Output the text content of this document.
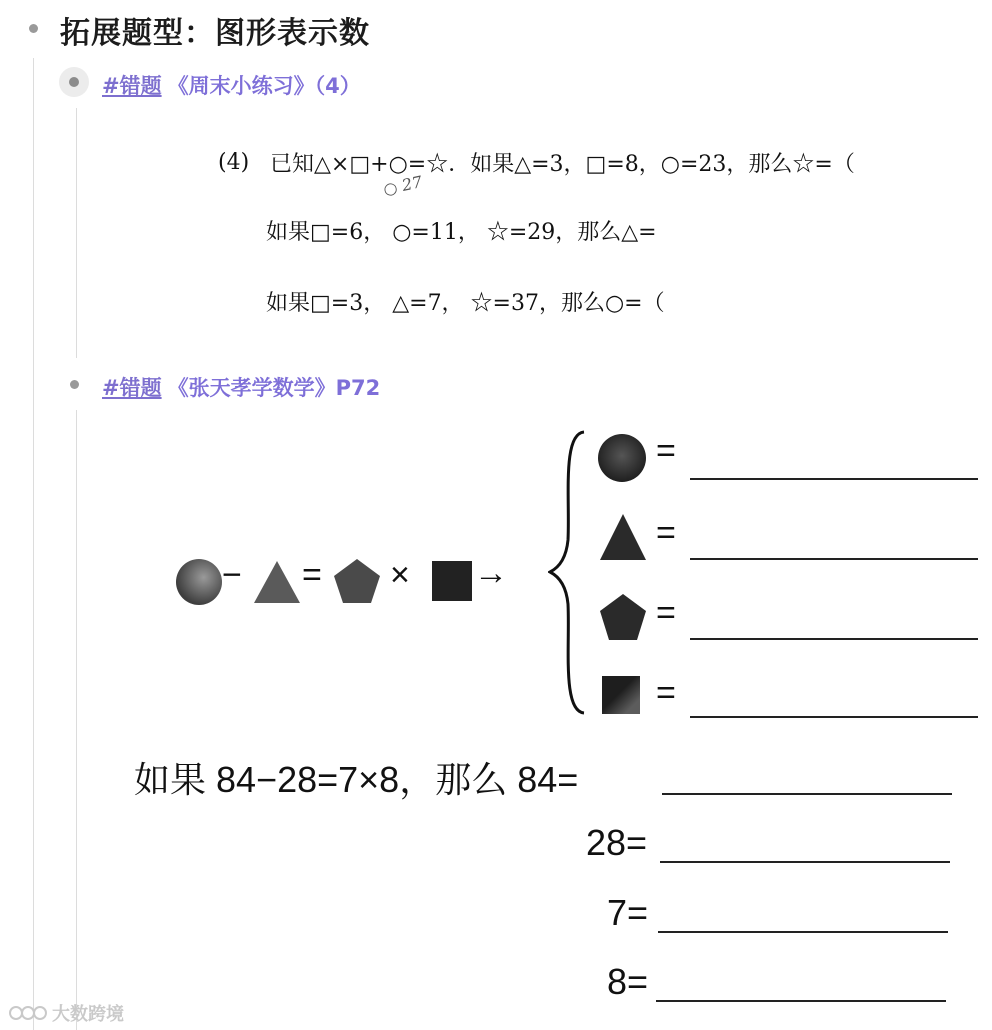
拓展题型：图形表示数
#错题 《周末小练习》（4）
(4) 已知△×□+○=☆．如果△=3，□=8，○=23，那么☆=（
○ 27
如果□=6， ○=11， ☆=29，那么△=
如果□=3， △=7， ☆=37，那么○=（
#错题 《张天孝学数学》P72
− = × →
=
=
=
=
如果 84−28=7×8，那么 84=
28=
7=
8=
大数跨境
